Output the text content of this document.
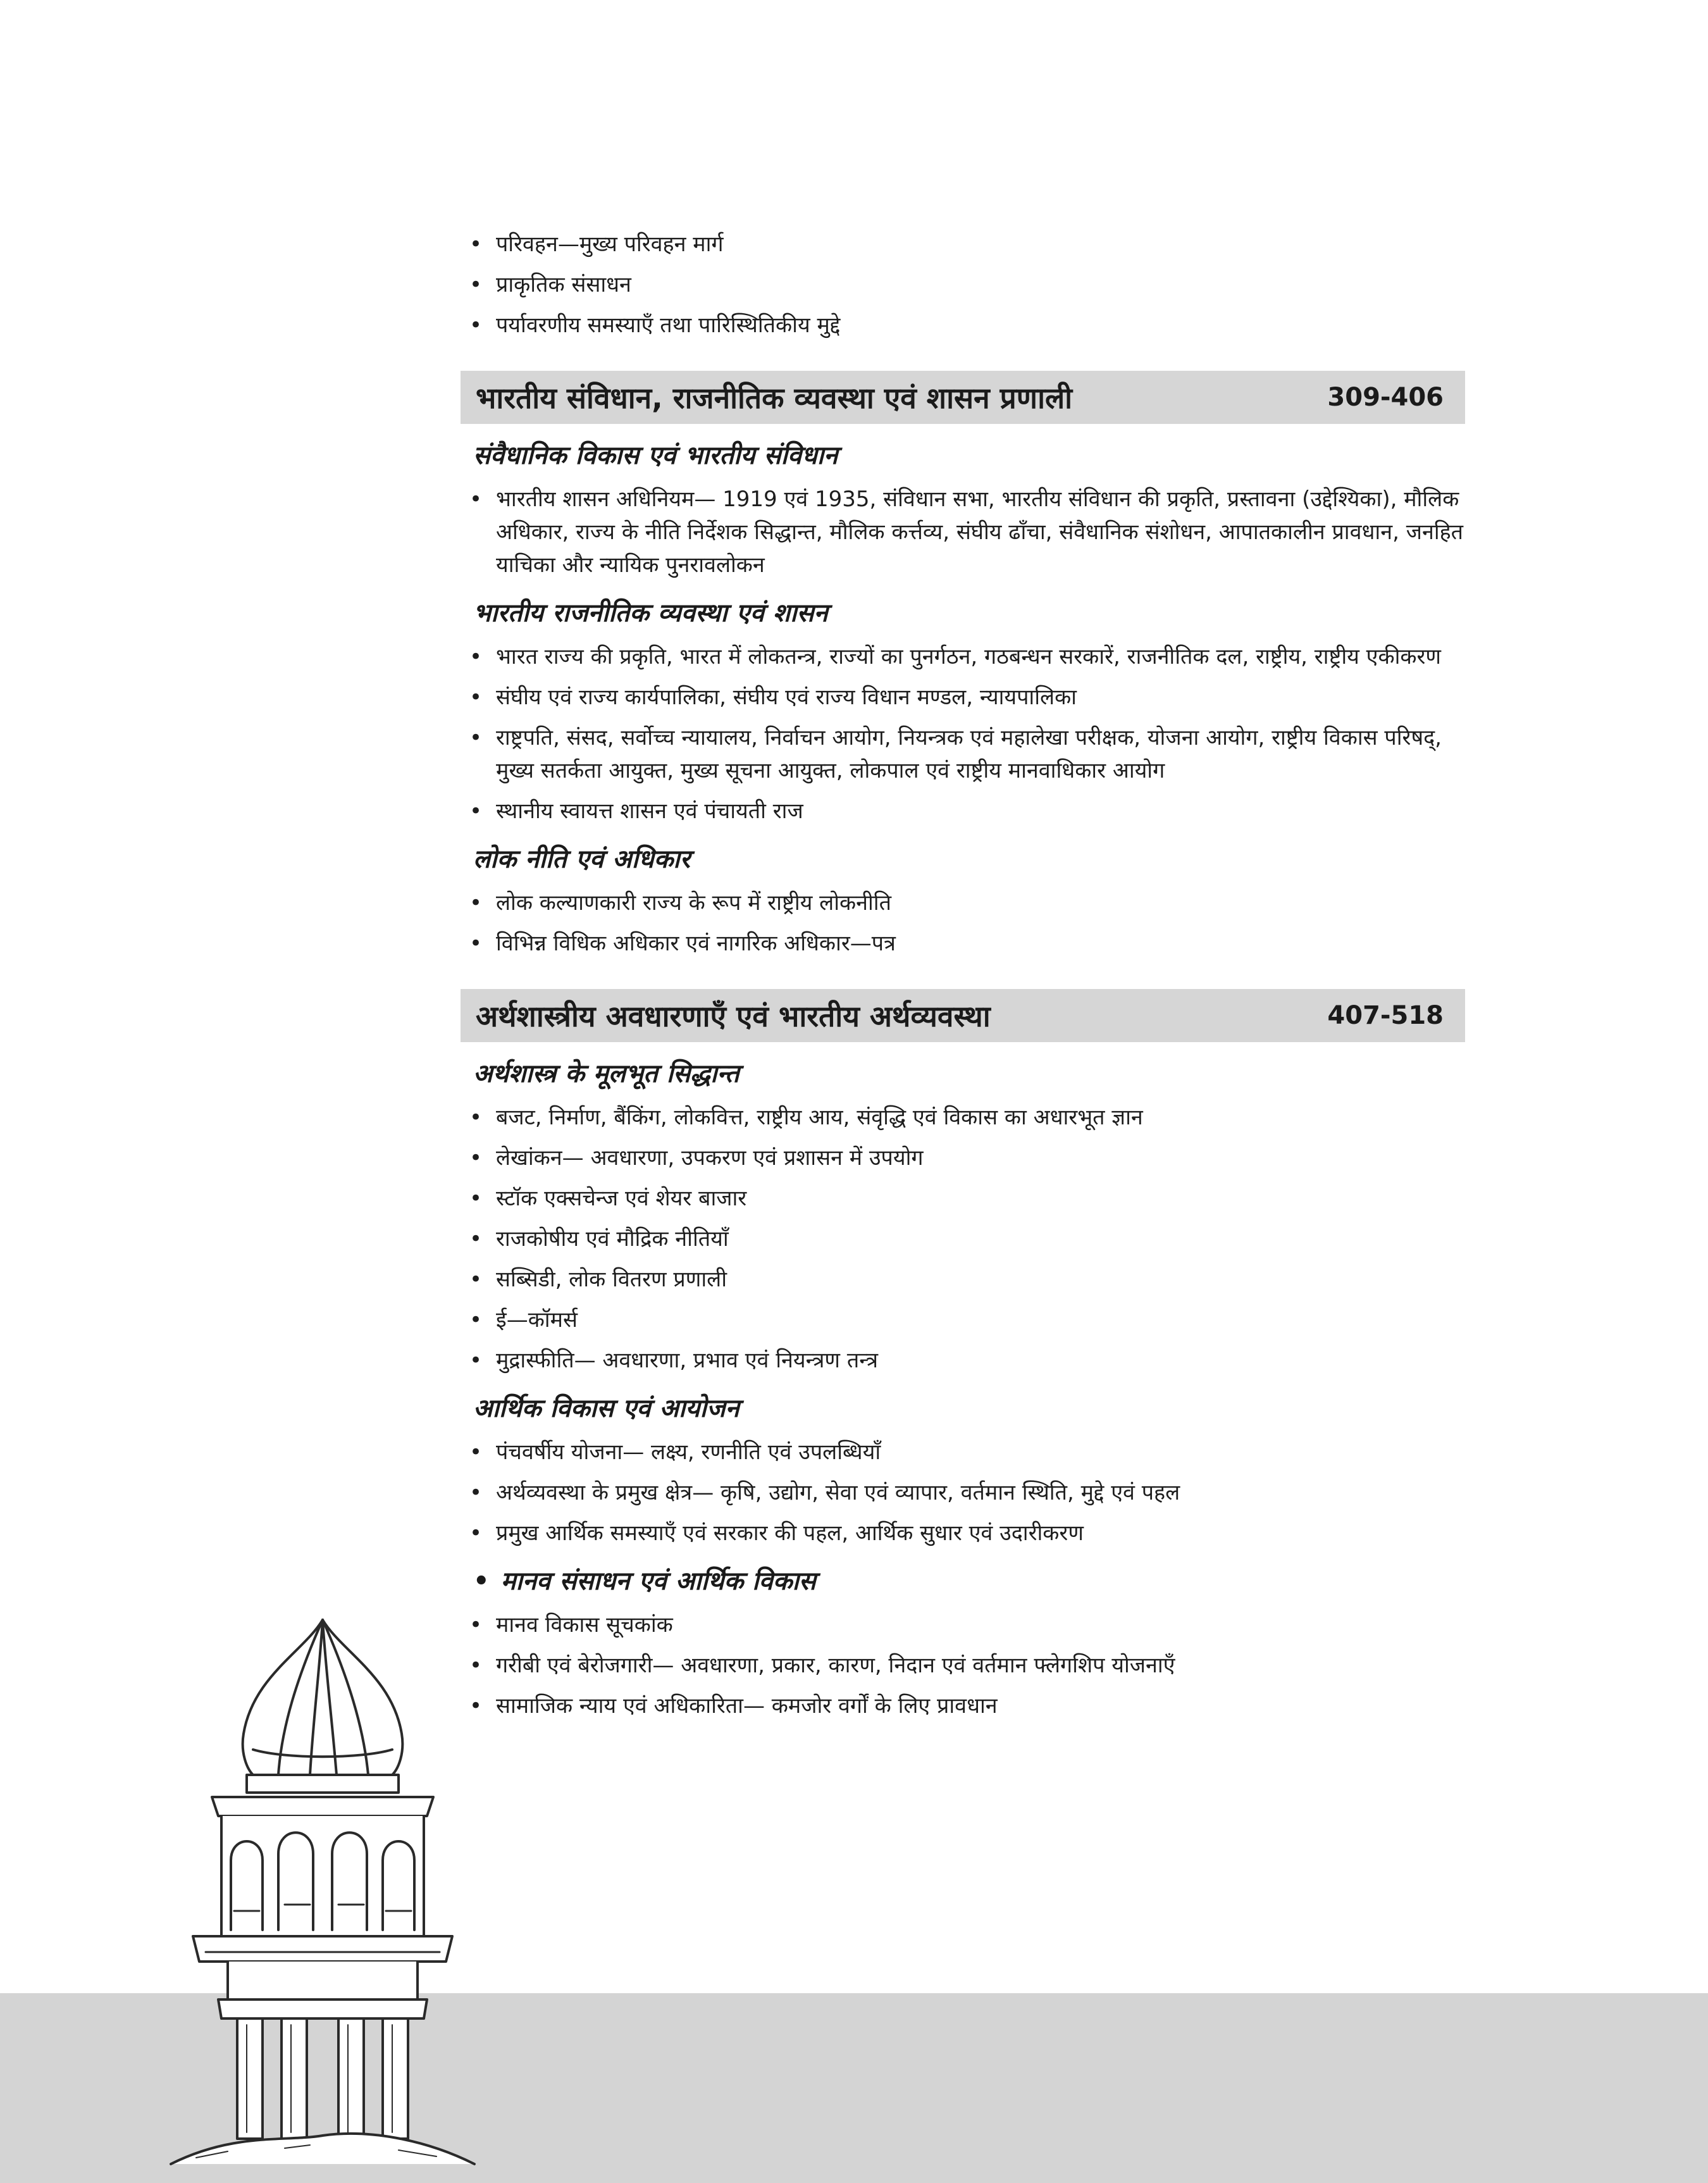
• परिवहन—मुख्य परिवहन मार्ग
• प्राकृतिक संसाधन
• पर्यावरणीय समस्याएँ तथा पारिस्थितिकीय मुद्दे
भारतीय संविधान, राजनीतिक व्यवस्था एवं शासन प्रणाली	309-406
संवैधानिक विकास एवं भारतीय संविधान
• भारतीय शासन अधिनियम— 1919 एवं 1935, संविधान सभा, भारतीय संविधान की प्रकृति, प्रस्तावना (उद्देश्यिका), मौलिक अधिकार, राज्य के नीति निर्देशक सिद्धान्त, मौलिक कर्त्तव्य, संघीय ढाँचा, संवैधानिक संशोधन, आपातकालीन प्रावधान, जनहित याचिका और न्यायिक पुनरावलोकन
भारतीय राजनीतिक व्यवस्था एवं शासन
• भारत राज्य की प्रकृति, भारत में लोकतन्त्र, राज्यों का पुनर्गठन, गठबन्धन सरकारें, राजनीतिक दल, राष्ट्रीय, राष्ट्रीय एकीकरण
• संघीय एवं राज्य कार्यपालिका, संघीय एवं राज्य विधान मण्डल, न्यायपालिका
• राष्ट्रपति, संसद, सर्वोच्च न्यायालय, निर्वाचन आयोग, नियन्त्रक एवं महालेखा परीक्षक, योजना आयोग, राष्ट्रीय विकास परिषद्, मुख्य सतर्कता आयुक्त, मुख्य सूचना आयुक्त, लोकपाल एवं राष्ट्रीय मानवाधिकार आयोग
• स्थानीय स्वायत्त शासन एवं पंचायती राज
लोक नीति एवं अधिकार
• लोक कल्याणकारी राज्य के रूप में राष्ट्रीय लोकनीति
• विभिन्न विधिक अधिकार एवं नागरिक अधिकार—पत्र
अर्थशास्त्रीय अवधारणाएँ एवं भारतीय अर्थव्यवस्था	407-518
अर्थशास्त्र के मूलभूत सिद्धान्त
• बजट, निर्माण, बैंकिंग, लोकवित्त, राष्ट्रीय आय, संवृद्धि एवं विकास का अधारभूत ज्ञान
• लेखांकन— अवधारणा, उपकरण एवं प्रशासन में उपयोग
• स्टॉक एक्सचेन्ज एवं शेयर बाजार
• राजकोषीय एवं मौद्रिक नीतियाँ
• सब्सिडी, लोक वितरण प्रणाली
• ई—कॉमर्स
• मुद्रास्फीति— अवधारणा, प्रभाव एवं नियन्त्रण तन्त्र
आर्थिक विकास एवं आयोजन
• पंचवर्षीय योजना— लक्ष्य, रणनीति एवं उपलब्धियाँ
• अर्थव्यवस्था के प्रमुख क्षेत्र— कृषि, उद्योग, सेवा एवं व्यापार, वर्तमान स्थिति, मुद्दे एवं पहल
• प्रमुख आर्थिक समस्याएँ एवं सरकार की पहल, आर्थिक सुधार एवं उदारीकरण
• मानव संसाधन एवं आर्थिक विकास
• मानव विकास सूचकांक
• गरीबी एवं बेरोजगारी— अवधारणा, प्रकार, कारण, निदान एवं वर्तमान फ्लेगशिप योजनाएँ
• सामाजिक न्याय एवं अधिकारिता— कमजोर वर्गों के लिए प्रावधान
